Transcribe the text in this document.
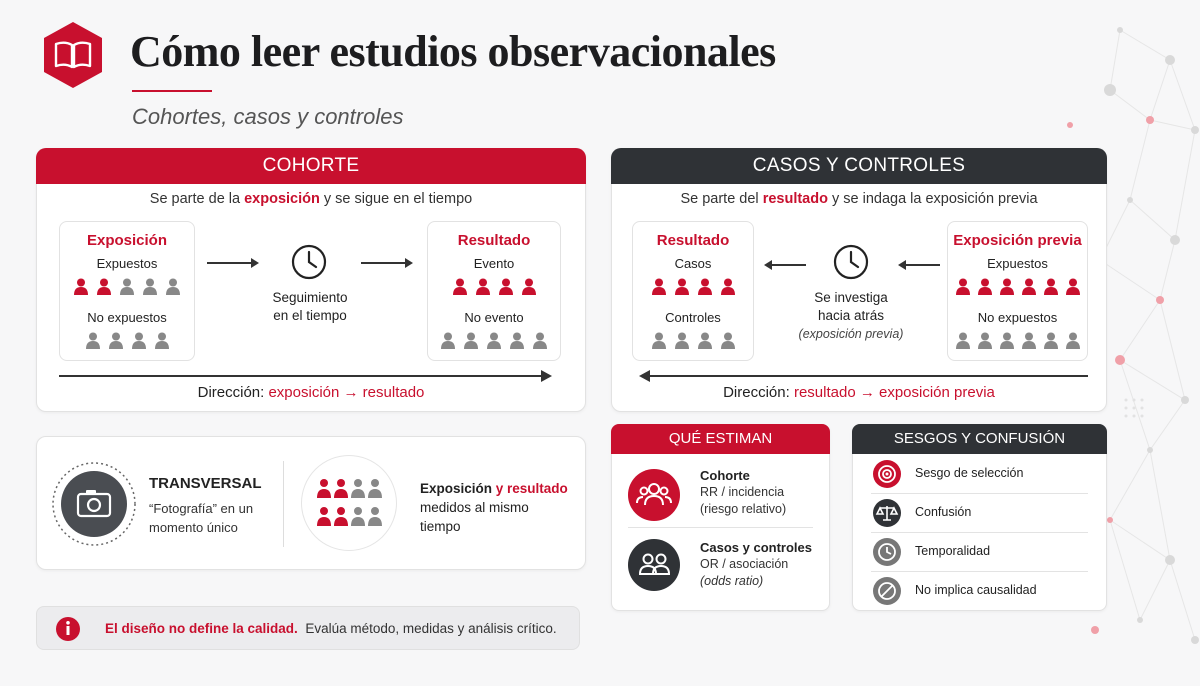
Cómo leer estudios observacionales
Cohortes, casos y controles
COHORTE
Se parte de la exposición y se sigue en el tiempo
Exposición
Expuestos
No expuestos
Seguimiento
en el tiempo
Resultado
Evento
No evento
Dirección: exposición → resultado
CASOS Y CONTROLES
Se parte del resultado y se indaga la exposición previa
Resultado
Casos
Controles
Se investiga
hacia atrás
(exposición previa)
Exposición previa
Expuestos
No expuestos
Dirección: resultado → exposición previa
TRANSVERSAL
“Fotografía” en un
momento único
Exposición y resultado
medidos al mismo
tiempo
QUÉ ESTIMAN
Cohorte
RR / incidencia
(riesgo relativo)
Casos y controles
OR / asociación
(odds ratio)
SESGOS Y CONFUSIÓN
Sesgo de selección
Confusión
Temporalidad
No implica causalidad
El diseño no define la calidad. Evalúa método, medidas y análisis crítico.
